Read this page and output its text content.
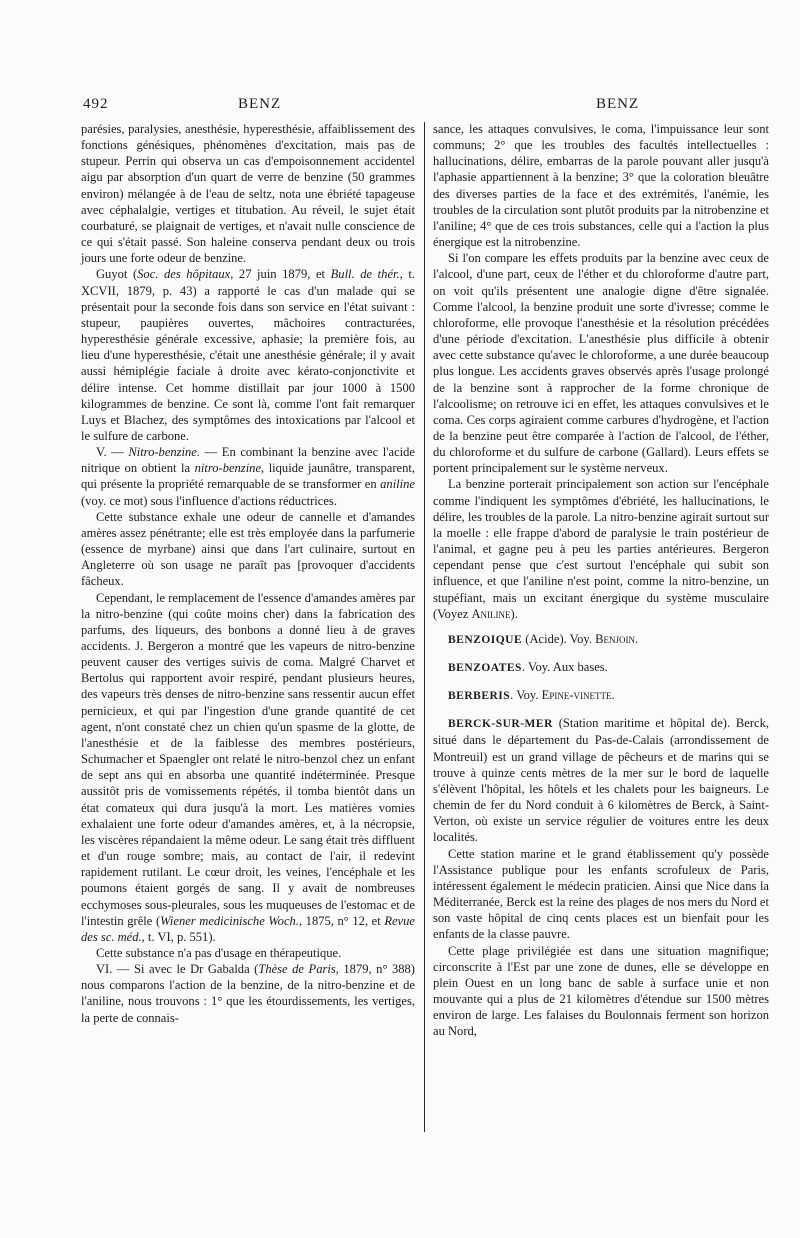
492	BENZ	BENZ

parésies, paralysies, anesthésie, hyperesthésie, affaiblissement des fonctions génésiques, phénomènes d'excitation, mais pas de stupeur. Perrin qui observa un cas d'empoisonnement accidentel aigu par absorption d'un quart de verre de benzine (50 grammes environ) mélangée à de l'eau de seltz, nota une ébriété tapageuse avec céphalalgie, vertiges et titubation. Au réveil, le sujet était courbaturé, se plaignait de vertiges, et n'avait nulle conscience de ce qui s'était passé. Son haleine conserva pendant deux ou trois jours une forte odeur de benzine.

Guyot (Soc. des hôpitaux, 27 juin 1879, et Bull. de thér., t. XCVII, 1879, p. 43) a rapporté le cas d'un malade qui se présentait pour la seconde fois dans son service en l'état suivant : stupeur, paupières ouvertes, mâchoires contracturées, hyperesthésie générale excessive, aphasie; la première fois, au lieu d'une hyperesthésie, c'était une anesthésie générale; il y avait aussi hémiplégie faciale à droite avec kérato-conjonctivite et délire intense. Cet homme distillait par jour 1000 à 1500 kilogrammes de benzine. Ce sont là, comme l'ont fait remarquer Luys et Blachez, des symptômes des intoxications par l'alcool et le sulfure de carbone.

V. — Nitro-benzine. — En combinant la benzine avec l'acide nitrique on obtient la nitro-benzine, liquide jaunâtre, transparent, qui présente la propriété remarquable de se transformer en aniline (voy. ce mot) sous l'influence d'actions réductrices.

Cette substance exhale une odeur de cannelle et d'amandes amères assez pénétrante; elle est très employée dans la parfumerie (essence de myrbane) ainsi que dans l'art culinaire, surtout en Angleterre où son usage ne paraît pas [provoquer d'accidents fâcheux.

Cependant, le remplacement de l'essence d'amandes amères par la nitro-benzine (qui coûte moins cher) dans la fabrication des parfums, des liqueurs, des bonbons a donné lieu à de graves accidents. J. Bergeron a montré que les vapeurs de nitro-benzine peuvent causer des vertiges suivis de coma. Malgré Charvet et Bertolus qui rapportent avoir respiré, pendant plusieurs heures, des vapeurs très denses de nitro-benzine sans ressentir aucun effet pernicieux, et qui par l'ingestion d'une grande quantité de cet agent, n'ont constaté chez un chien qu'un spasme de la glotte, de l'anesthésie et de la faiblesse des membres postérieurs, Schumacher et Spaengler ont relaté le nitro-benzol chez un enfant de sept ans qui en absorba une quantité indéterminée. Presque aussitôt pris de vomissements répétés, il tomba bientôt dans un état comateux qui dura jusqu'à la mort. Les matières vomies exhalaient une forte odeur d'amandes amères, et, à la nécropsie, les viscères répandaient la même odeur. Le sang était très diffluent et d'un rouge sombre; mais, au contact de l'air, il redevint rapidement rutilant. Le cœur droit, les veines, l'encéphale et les poumons étaient gorgés de sang. Il y avait de nombreuses ecchymoses sous-pleurales, sous les muqueuses de l'estomac et de l'intestin grêle (Wiener medicinische Woch., 1875, n° 12, et Revue des sc. méd., t. VI, p. 551).

Cette substance n'a pas d'usage en thérapeutique.

VI. — Si avec le Dr Gabalda (Thèse de Paris, 1879, n° 388) nous comparons l'action de la benzine, de la nitro-benzine et de l'aniline, nous trouvons : 1° que les étourdissements, les vertiges, la perte de connais-

sance, les attaques convulsives, le coma, l'impuissance leur sont communs; 2° que les troubles des facultés intellectuelles : hallucinations, délire, embarras de la parole pouvant aller jusqu'à l'aphasie appartiennent à la benzine; 3° que la coloration bleuâtre des diverses parties de la face et des extrémités, l'anémie, les troubles de la circulation sont plutôt produits par la nitrobenzine et l'aniline; 4° que de ces trois substances, celle qui a l'action la plus énergique est la nitrobenzine.

Si l'on compare les effets produits par la benzine avec ceux de l'alcool, d'une part, ceux de l'éther et du chloroforme d'autre part, on voit qu'ils présentent une analogie digne d'être signalée. Comme l'alcool, la benzine produit une sorte d'ivresse; comme le chloroforme, elle provoque l'anesthésie et la résolution précédées d'une période d'excitation. L'anesthésie plus difficile à obtenir avec cette substance qu'avec le chloroforme, a une durée beaucoup plus longue. Les accidents graves observés après l'usage prolongé de la benzine sont à rapprocher de la forme chronique de l'alcoolisme; on retrouve ici en effet, les attaques convulsives et le coma. Ces corps agiraient comme carbures d'hydrogène, et l'action de la benzine peut être comparée à l'action de l'alcool, de l'éther, du chloroforme et du sulfure de carbone (Gallard). Leurs effets se portent principalement sur le système nerveux.

La benzine porterait principalement son action sur l'encéphale comme l'indiquent les symptômes d'ébriété, les hallucinations, le délire, les troubles de la parole. La nitro-benzine agirait surtout sur la moelle : elle frappe d'abord de paralysie le train postérieur de l'animal, et gagne peu à peu les parties antérieures. Bergeron cependant pense que c'est surtout l'encéphale qui subit son influence, et que l'aniline n'est point, comme la nitro-benzine, un stupéfiant, mais un excitant énergique du système musculaire (Voyez Aniline).

BENZOIQUE (Acide). Voy. Benjoin.

BENZOATES. Voy. Aux bases.

BERBERIS. Voy. Epine-vinette.

BERCK-SUR-MER (Station maritime et hôpital de). Berck, situé dans le département du Pas-de-Calais (arrondissement de Montreuil) est un grand village de pêcheurs et de marins qui se trouve à quinze cents mètres de la mer sur le bord de laquelle s'élèvent l'hôpital, les hôtels et les chalets pour les baigneurs. Le chemin de fer du Nord conduit à 6 kilomètres de Berck, à Saint-Verton, où existe un service régulier de voitures entre les deux localités.

Cette station marine et le grand établissement qu'y possède l'Assistance publique pour les enfants scrofuleux de Paris, intéressent également le médecin praticien. Ainsi que Nice dans la Méditerranée, Berck est la reine des plages de nos mers du Nord et son vaste hôpital de cinq cents places est un bienfait pour les enfants de la classe pauvre.

Cette plage privilégiée est dans une situation magnifique; circonscrite à l'Est par une zone de dunes, elle se développe en plein Ouest en un long banc de sable à surface unie et non mouvante qui a plus de 21 kilomètres d'étendue sur 1500 mètres environ de large. Les falaises du Boulonnais ferment son horizon au Nord,
